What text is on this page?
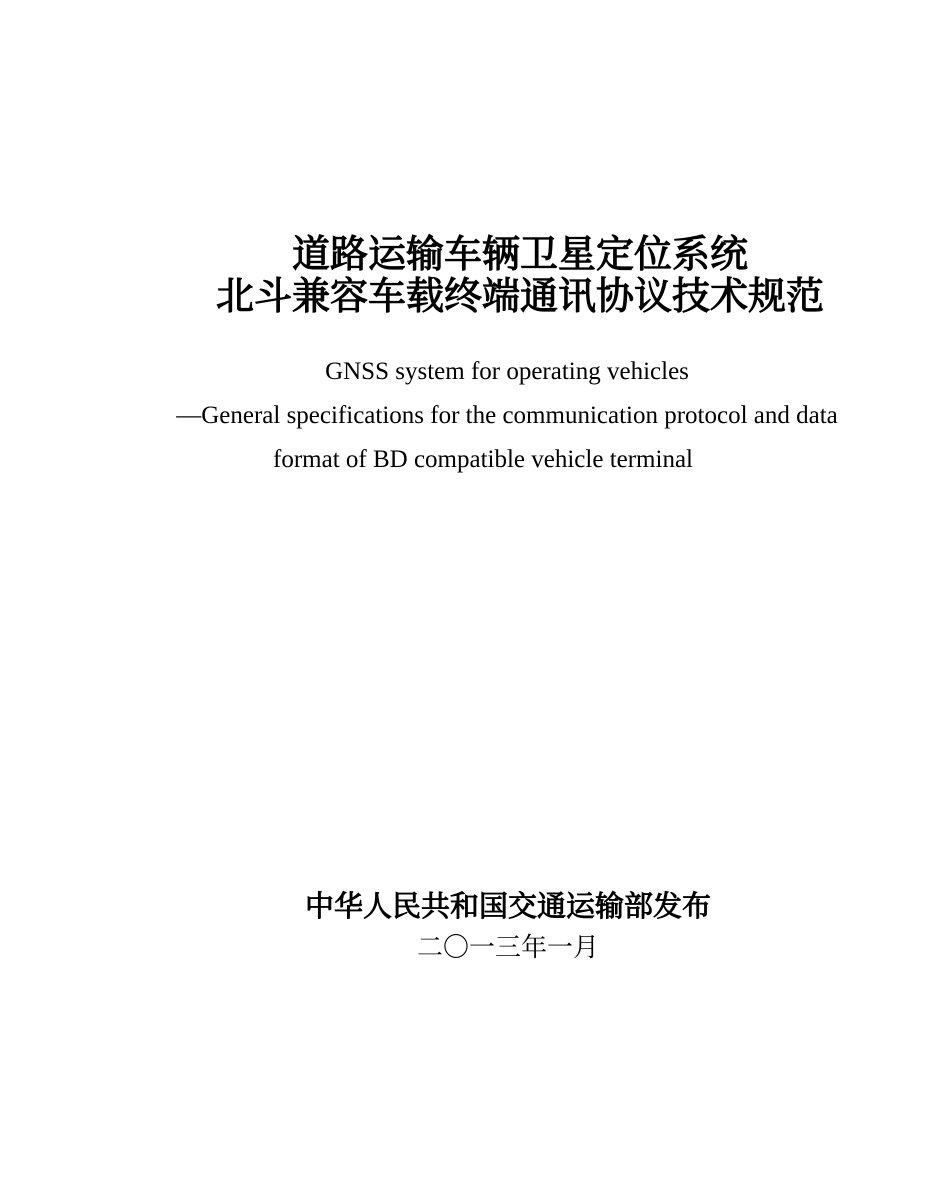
道路运输车辆卫星定位系统
北斗兼容车载终端通讯协议技术规范
GNSS system for operating vehicles
—General specifications for the communication protocol and data
format of BD compatible vehicle terminal
中华人民共和国交通运输部发布
二〇一三年一月
